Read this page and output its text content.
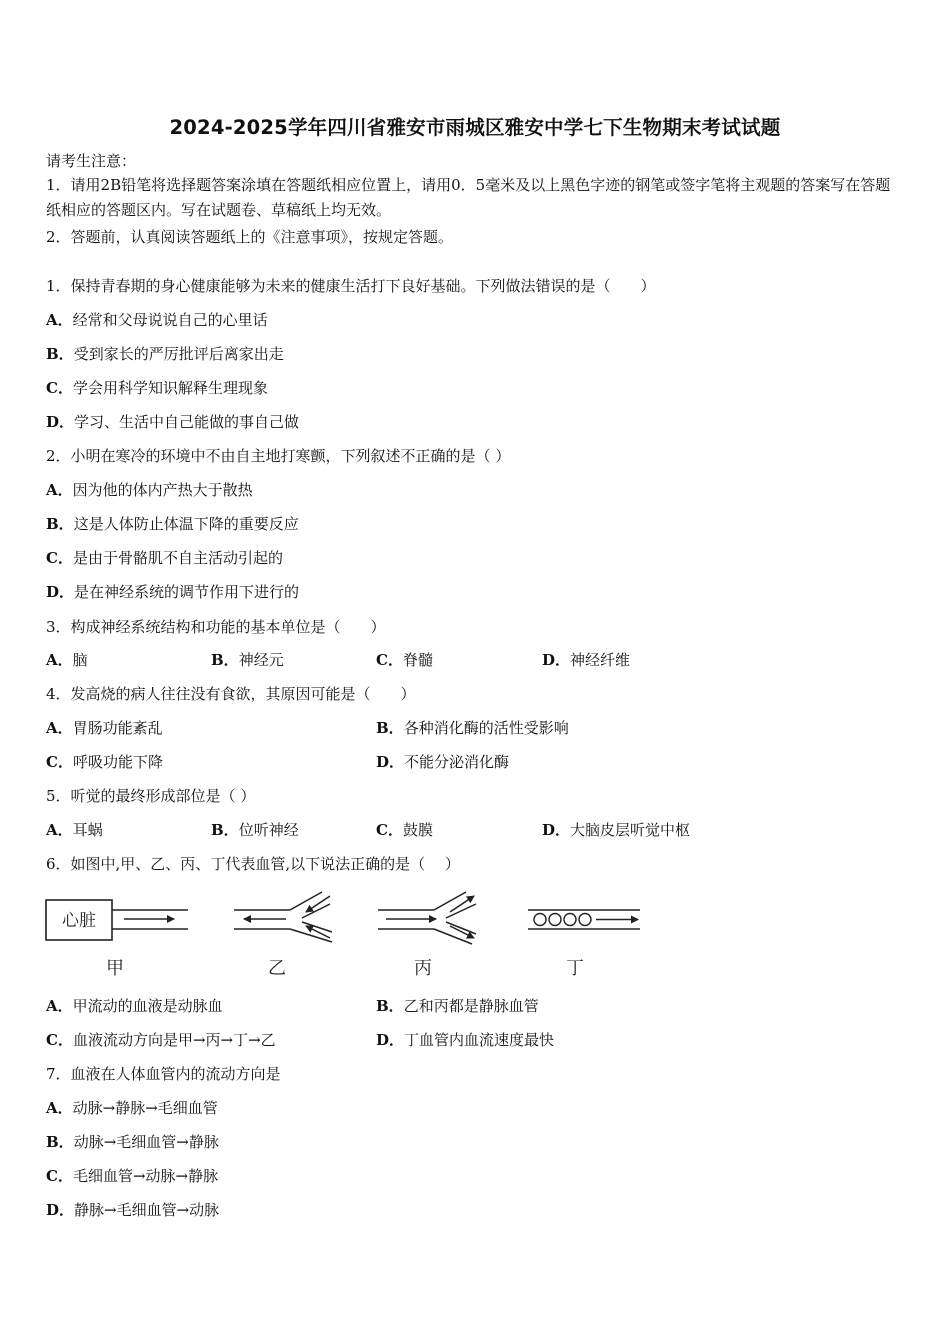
2024-2025学年四川省雅安市雨城区雅安中学七下生物期末考试试题
请考生注意：
1．请用2B铅笔将选择题答案涂填在答题纸相应位置上，请用0．5毫米及以上黑色字迹的钢笔或签字笔将主观题的答案写在答题纸相应的答题区内。写在试题卷、草稿纸上均无效。
2．答题前，认真阅读答题纸上的《注意事项》，按规定答题。
1．保持青春期的身心健康能够为未来的健康生活打下良好基础。下列做法错误的是（　　）
A．经常和父母说说自己的心里话
B．受到家长的严厉批评后离家出走
C．学会用科学知识解释生理现象
D．学习、生活中自己能做的事自己做
2．小明在寒冷的环境中不由自主地打寒颤，下列叙述不正确的是（ ）
A．因为他的体内产热大于散热
B．这是人体防止体温下降的重要反应
C．是由于骨骼肌不自主活动引起的
D．是在神经系统的调节作用下进行的
3．构成神经系统结构和功能的基本单位是（　　）
A．脑	B．神经元	C．脊髓	D．神经纤维
4．发高烧的病人往往没有食欲，其原因可能是（　　）
A．胃肠功能紊乱	B．各种消化酶的活性受影响
C．呼吸功能下降	D．不能分泌消化酶
5．听觉的最终形成部位是（ ）
A．耳蜗	B．位听神经	C．鼓膜	D．大脑皮层听觉中枢
6．如图中,甲、乙、丙、丁代表血管,以下说法正确的是（　 ）
心脏
甲	乙	丙	丁
A．甲流动的血液是动脉血	B．乙和丙都是静脉血管
C．血液流动方向是甲→丙→丁→乙	D．丁血管内血流速度最快
7．血液在人体血管内的流动方向是
A．动脉→静脉→毛细血管
B．动脉→毛细血管→静脉
C．毛细血管→动脉→静脉
D．静脉→毛细血管→动脉
